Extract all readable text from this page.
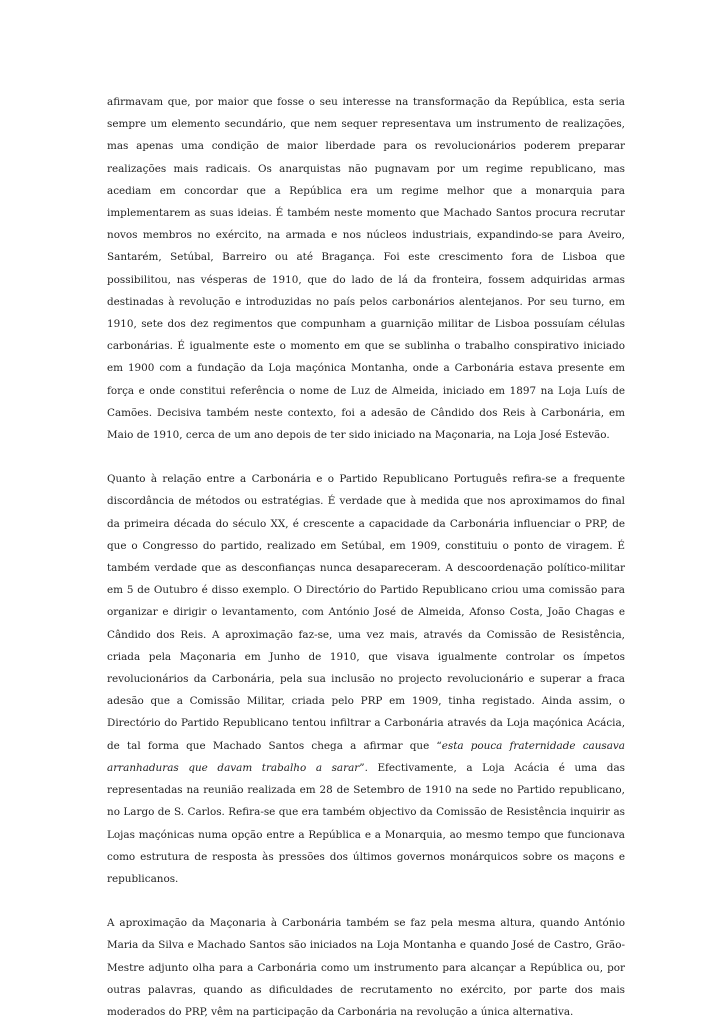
afirmavam que, por maior que fosse o seu interesse na transformação da República, esta seria sempre um elemento secundário, que nem sequer representava um instrumento de realizações, mas apenas uma condição de maior liberdade para os revolucionários poderem preparar realizações mais radicais. Os anarquistas não pugnavam por um regime republicano, mas acediam em concordar que a República era um regime melhor que a monarquia para implementarem as suas ideias. É também neste momento que Machado Santos procura recrutar novos membros no exército, na armada e nos núcleos industriais, expandindo-se para Aveiro, Santarém, Setúbal, Barreiro ou até Bragança. Foi este crescimento fora de Lisboa que possibilitou, nas vésperas de 1910, que do lado de lá da fronteira, fossem adquiridas armas destinadas à revolução e introduzidas no país pelos carbonários alentejanos. Por seu turno, em 1910, sete dos dez regimentos que compunham a guarnição militar de Lisboa possuíam células carbonárias. É igualmente este o momento em que se sublinha o trabalho conspirativo iniciado em 1900 com a fundação da Loja maçónica Montanha, onde a Carbonária estava presente em força e onde constitui referência o nome de Luz de Almeida, iniciado em 1897 na Loja Luís de Camões. Decisiva também neste contexto, foi a adesão de Cândido dos Reis à Carbonária, em Maio de 1910, cerca de um ano depois de ter sido iniciado na Maçonaria, na Loja José Estevão.

Quanto à relação entre a Carbonária e o Partido Republicano Português refira-se a frequente discordância de métodos ou estratégias. É verdade que à medida que nos aproximamos do final da primeira década do século XX, é crescente a capacidade da Carbonária influenciar o PRP, de que o Congresso do partido, realizado em Setúbal, em 1909, constituiu o ponto de viragem. É também verdade que as desconfianças nunca desapareceram. A descoordenação político-militar em 5 de Outubro é disso exemplo. O Directório do Partido Republicano criou uma comissão para organizar e dirigir o levantamento, com António José de Almeida, Afonso Costa, João Chagas e Cândido dos Reis. A aproximação faz-se, uma vez mais, através da Comissão de Resistência, criada pela Maçonaria em Junho de 1910, que visava igualmente controlar os ímpetos revolucionários da Carbonária, pela sua inclusão no projecto revolucionário e superar a fraca adesão que a Comissão Militar, criada pelo PRP em 1909, tinha registado. Ainda assim, o Directório do Partido Republicano tentou infiltrar a Carbonária através da Loja maçónica Acácia, de tal forma que Machado Santos chega a afirmar que “esta pouca fraternidade causava arranhaduras que davam trabalho a sarar”. Efectivamente, a Loja Acácia é uma das representadas na reunião realizada em 28 de Setembro de 1910 na sede no Partido republicano, no Largo de S. Carlos. Refira-se que era também objectivo da Comissão de Resistência inquirir as Lojas maçónicas numa opção entre a República e a Monarquia, ao mesmo tempo que funcionava como estrutura de resposta às pressões dos últimos governos monárquicos sobre os maçons e republicanos.

A aproximação da Maçonaria à Carbonária também se faz pela mesma altura, quando António Maria da Silva e Machado Santos são iniciados na Loja Montanha e quando José de Castro, Grão-Mestre adjunto olha para a Carbonária como um instrumento para alcançar a República ou, por outras palavras, quando as dificuldades de recrutamento no exército, por parte dos mais moderados do PRP, vêm na participação da Carbonária na revolução a única alternativa.
